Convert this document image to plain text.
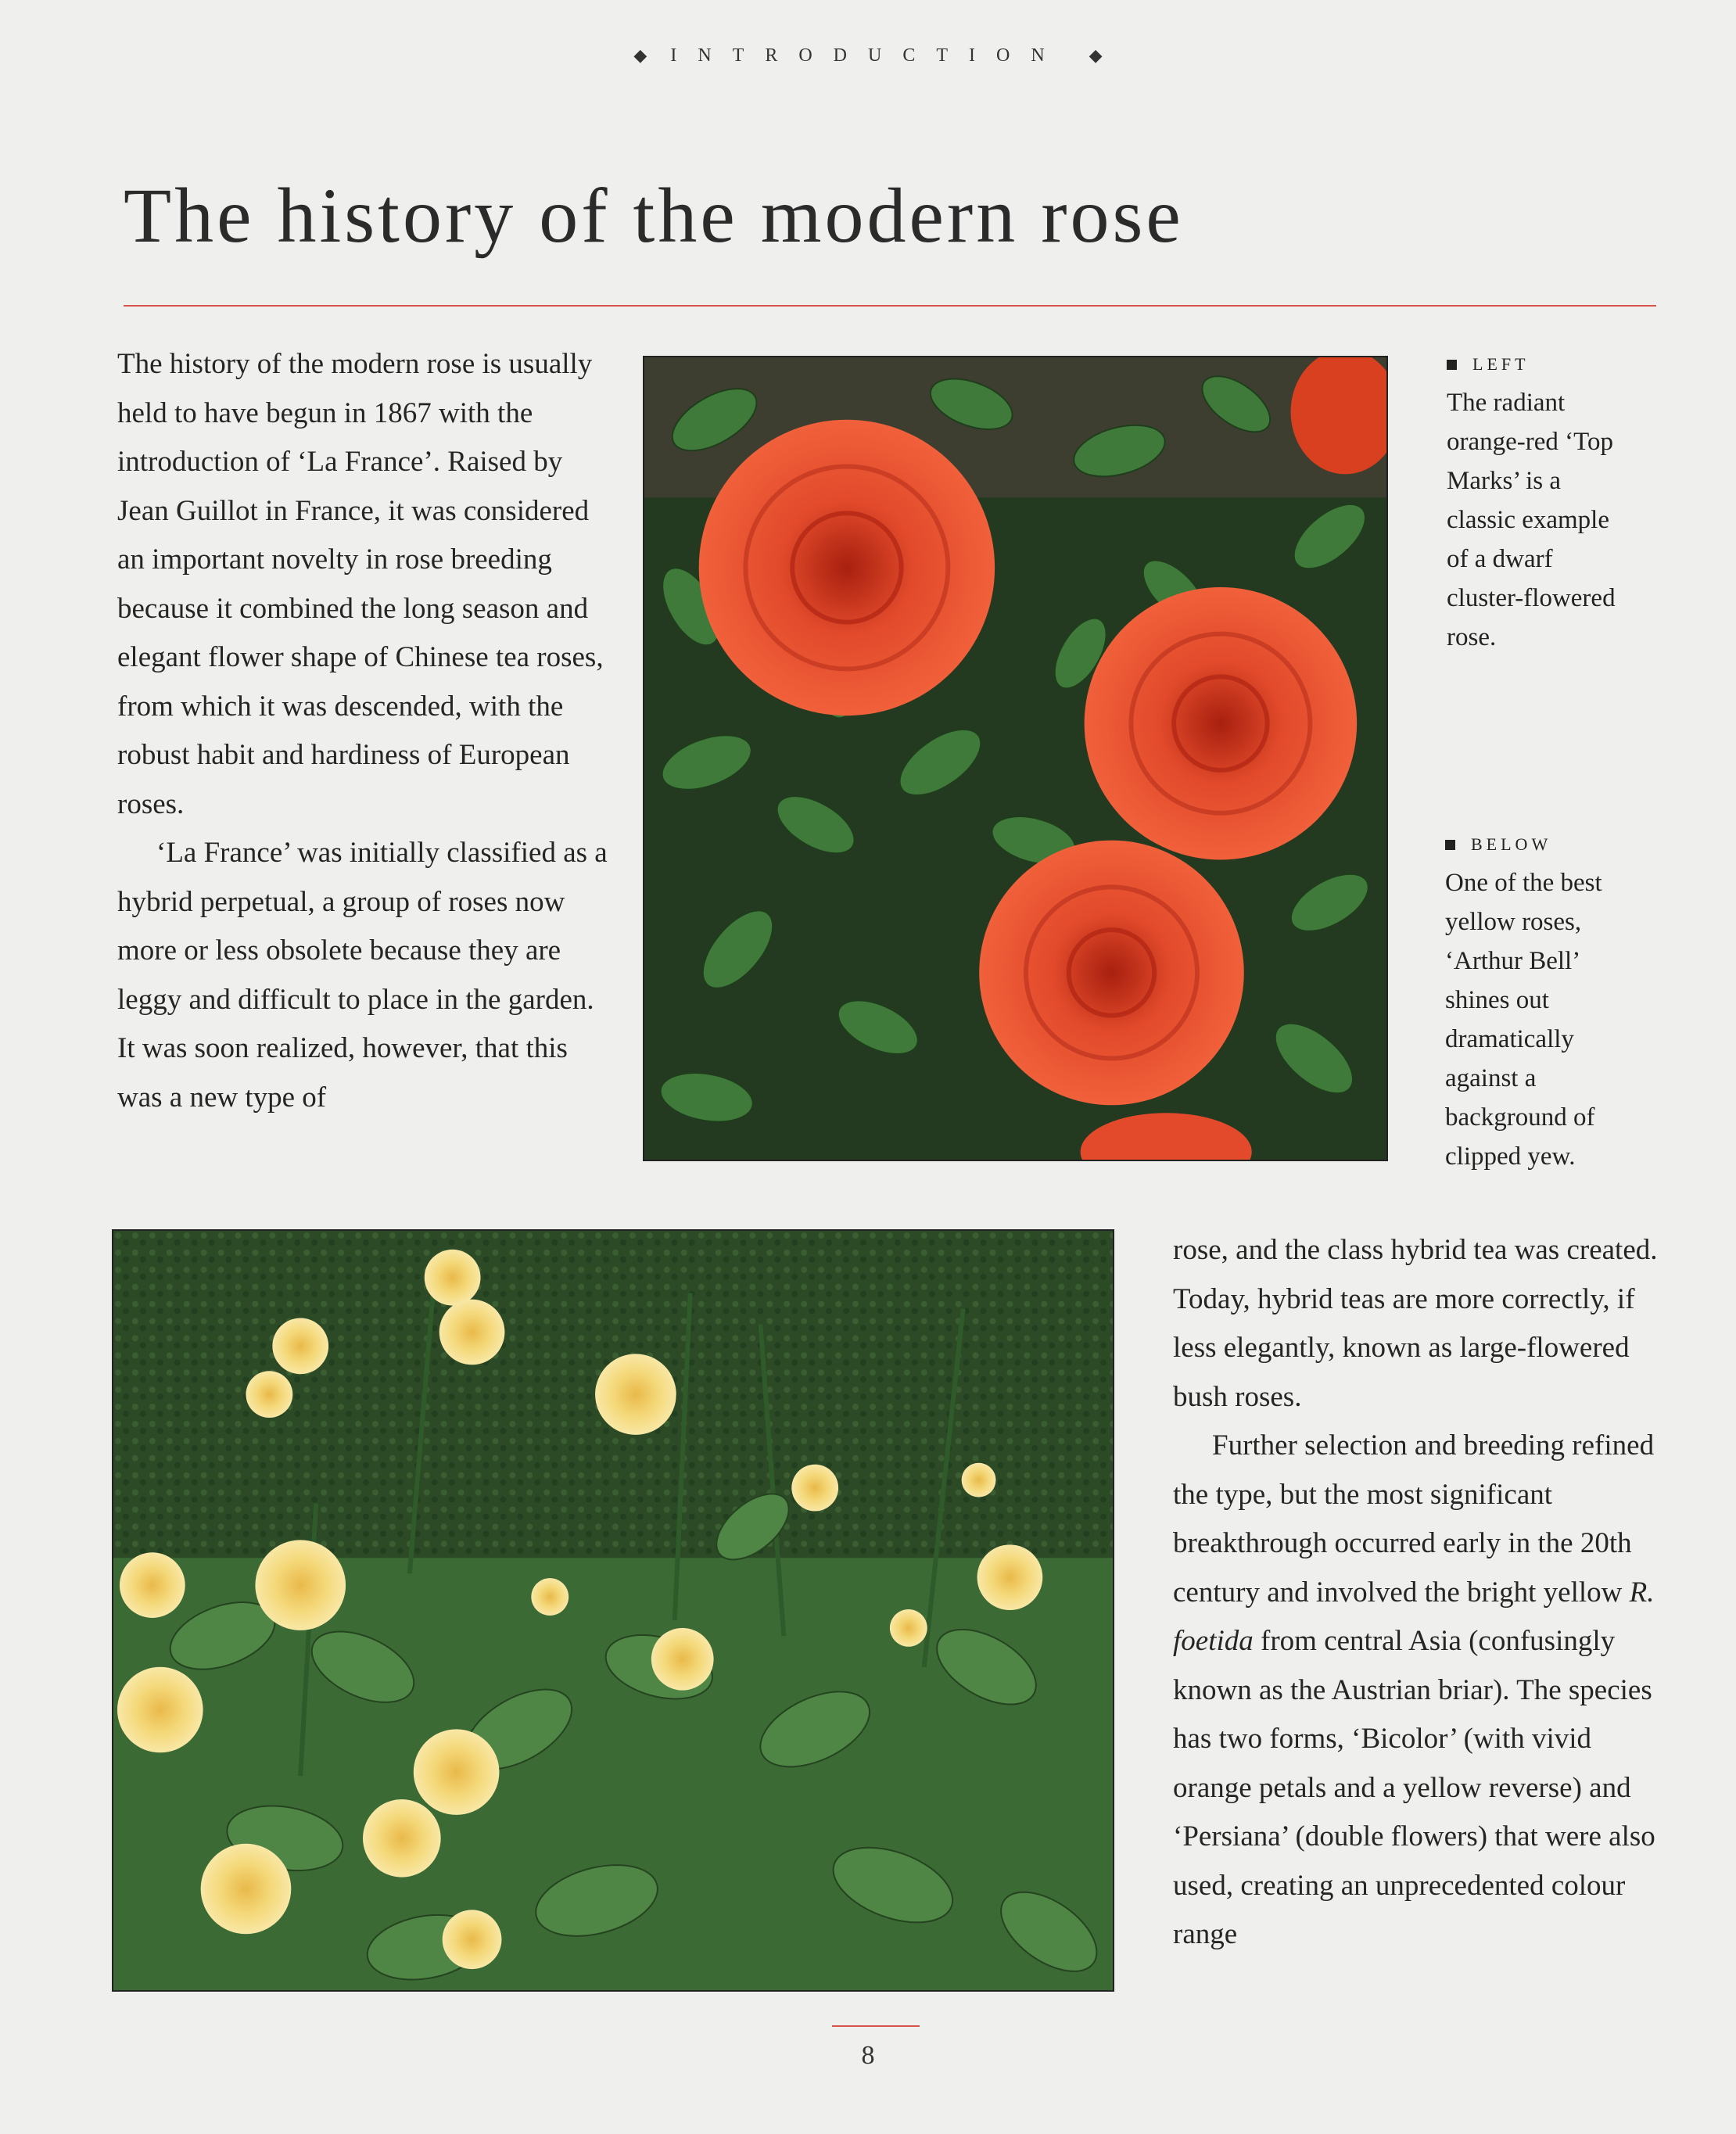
◆ INTRODUCTION ◆
The history of the modern rose

The history of the modern rose is usually held to have begun in 1867 with the introduction of ‘La France’. Raised by Jean Guillot in France, it was considered an important novelty in rose breeding because it combined the long season and elegant flower shape of Chinese tea roses, from which it was descended, with the robust habit and hardiness of European roses.

‘La France’ was initially classified as a hybrid perpetual, a group of roses now more or less obsolete because they are leggy and difficult to place in the garden. It was soon realized, however, that this was a new type of

LEFT
The radiant orange-red ‘Top Marks’ is a classic example of a dwarf cluster-flowered rose.
BELOW
One of the best yellow roses, ‘Arthur Bell’ shines out dramatically against a background of clipped yew.

rose, and the class hybrid tea was created. Today, hybrid teas are more correctly, if less elegantly, known as large-flowered bush roses.

Further selection and breeding refined the type, but the most significant breakthrough occurred early in the 20th century and involved the bright yellow R. foetida from central Asia (confusingly known as the Austrian briar). The species has two forms, ‘Bicolor’ (with vivid orange petals and a yellow reverse) and ‘Persiana’ (double flowers) that were also used, creating an unprecedented colour range

8
